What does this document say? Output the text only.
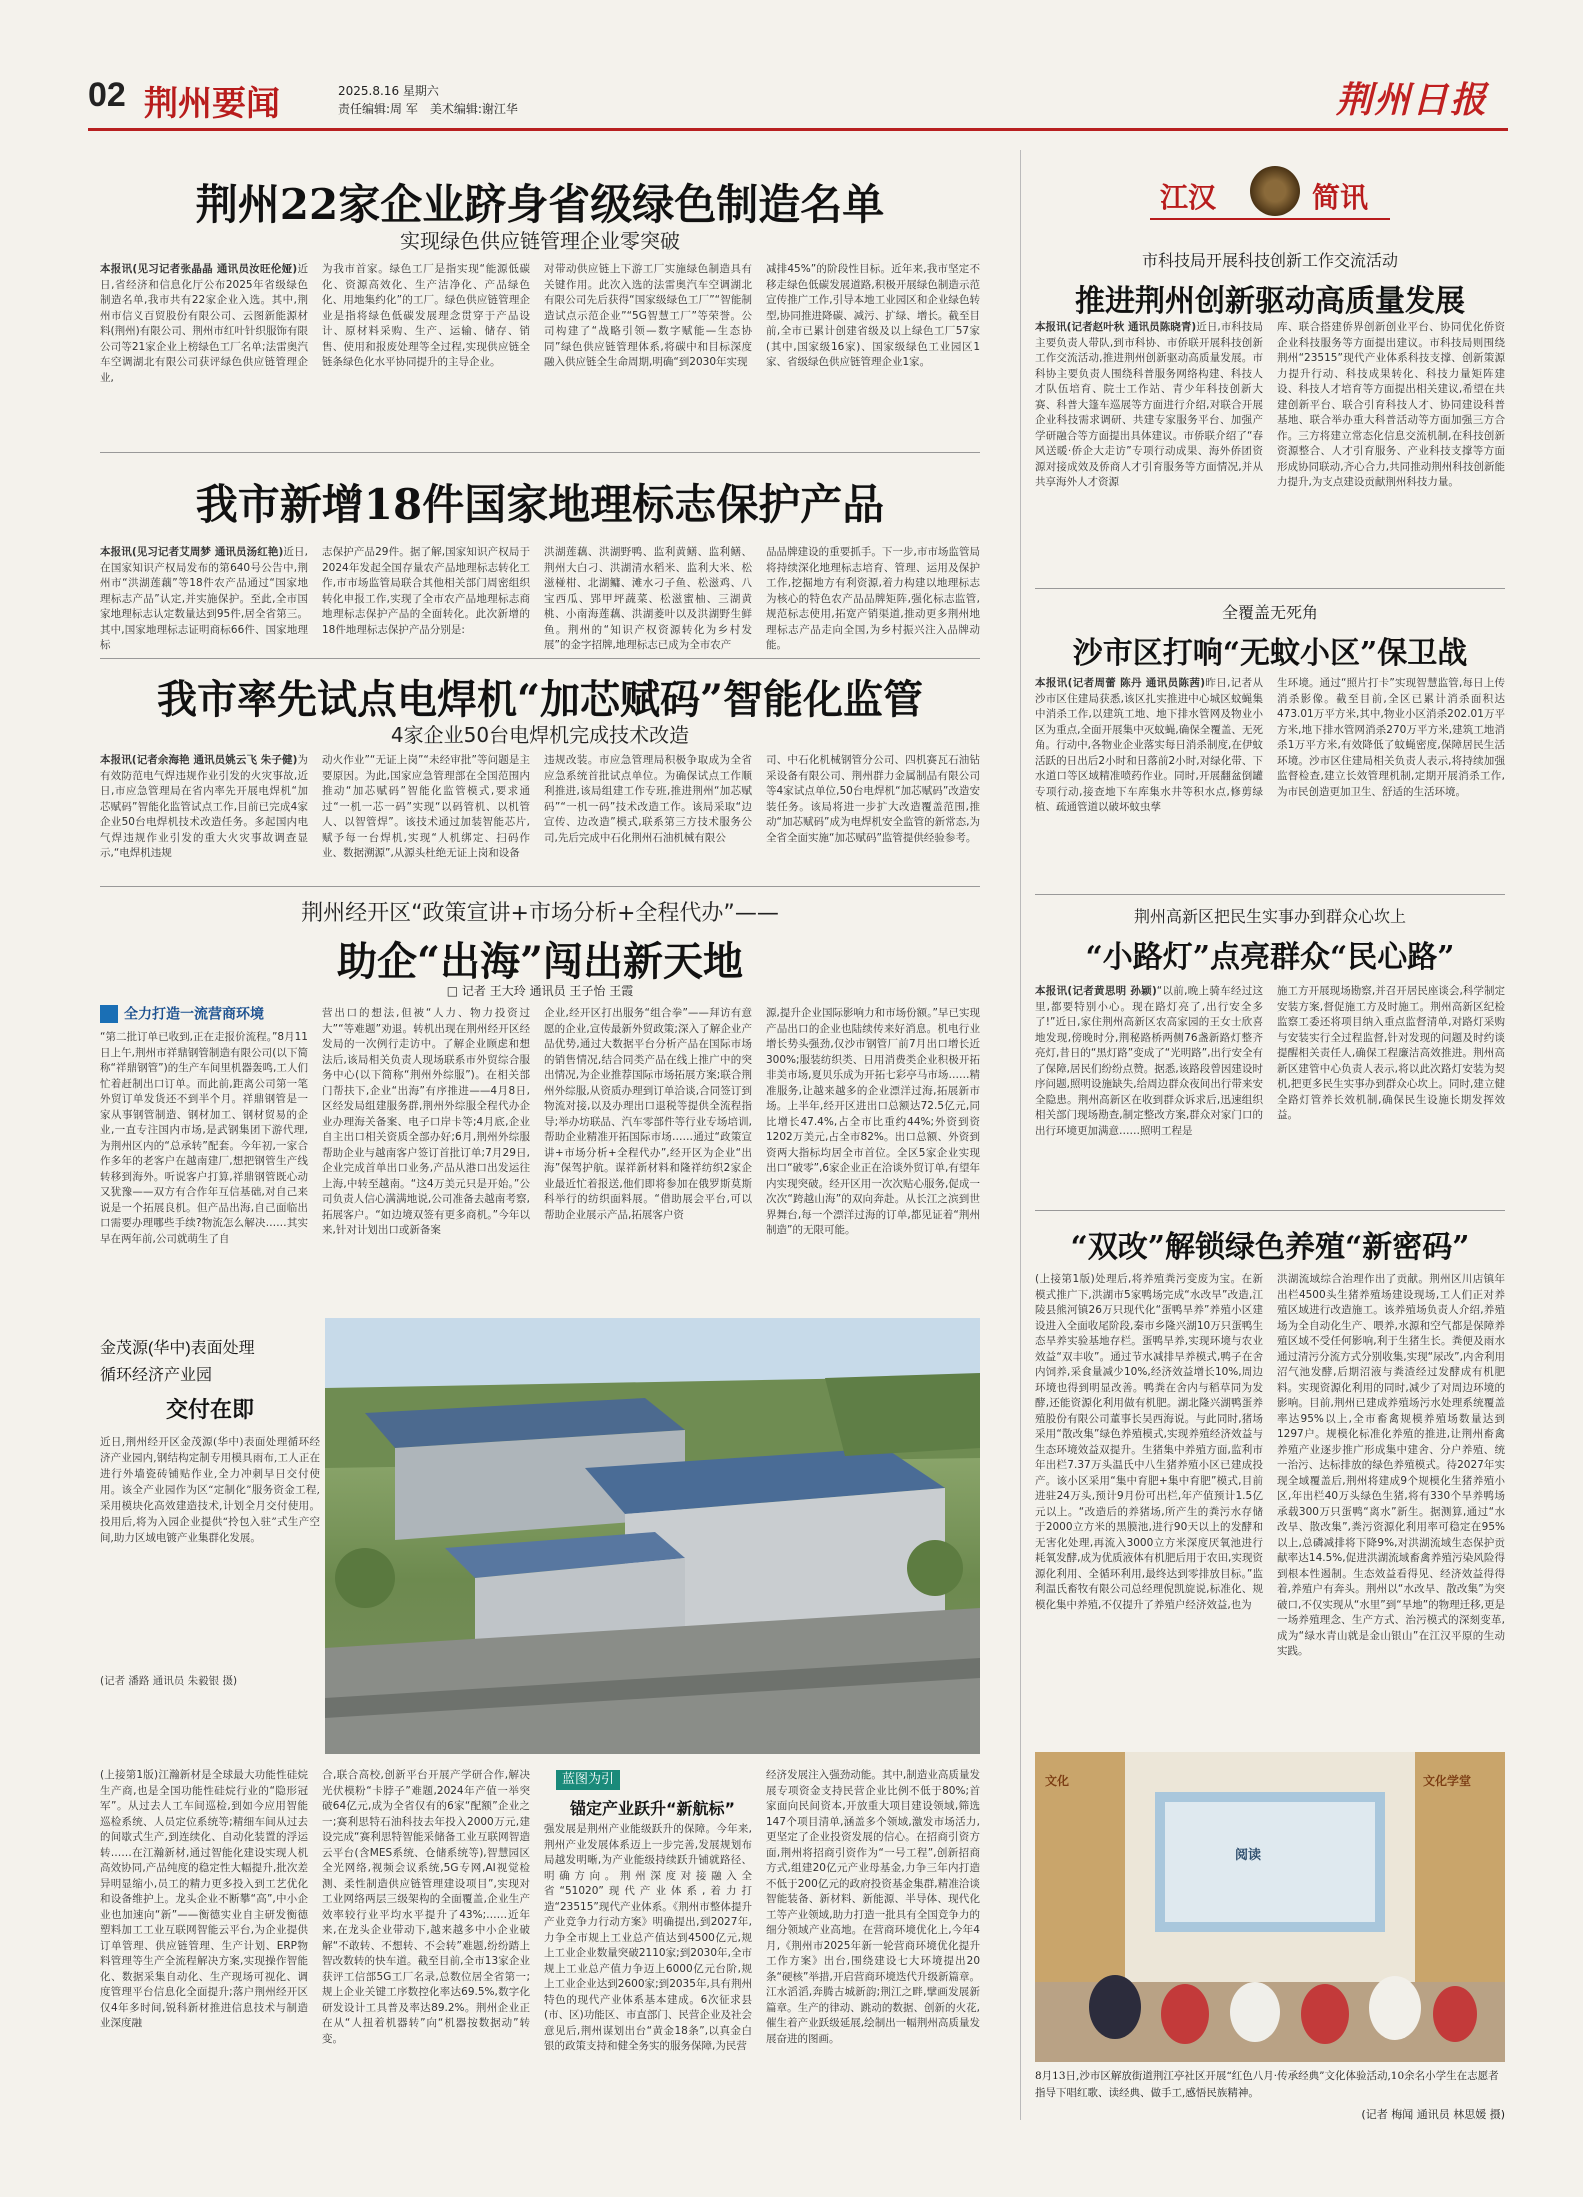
02 荆州要闻	2025.8.16 星期六
责任编辑:周 军　美术编辑:谢江华	荆州日报
荆州22家企业跻身省级绿色制造名单
实现绿色供应链管理企业零突破
本报讯(见习记者张晶晶 通讯员汝旺伦娅)近日,省经济和信息化厅公布2025年省级绿色制造名单,我市共有22家企业入选。其中,荆州市信义百贸股份有限公司、云图新能源材料(荆州)有限公司、荆州市红叶针织服饰有限公司等21家企业上榜绿色工厂名单;法雷奥汽车空调湖北有限公司获评绿色供应链管理企业,
为我市首家。绿色工厂是指实现“能源低碳化、资源高效化、生产洁净化、产品绿色化、用地集约化”的工厂。绿色供应链管理企业是指将绿色低碳发展理念贯穿于产品设计、原材料采购、生产、运输、储存、销售、使用和报废处理等全过程,实现供应链全链条绿色化水平协同提升的主导企业。
对带动供应链上下游工厂实施绿色制造具有关键作用。此次入选的法雷奥汽车空调湖北有限公司先后获得“国家级绿色工厂”“智能制造试点示范企业”“5G智慧工厂”等荣誉。公司构建了“战略引领—数字赋能—生态协同”绿色供应链管理体系,将碳中和目标深度融入供应链全生命周期,明确“到2030年实现
减排45%”的阶段性目标。近年来,我市坚定不移走绿色低碳发展道路,积极开展绿色制造示范宣传推广工作,引导本地工业园区和企业绿色转型,协同推进降碳、减污、扩绿、增长。截至目前,全市已累计创建省级及以上绿色工厂57家(其中,国家级16家)、国家级绿色工业园区1家、省级绿色供应链管理企业1家。
我市新增18件国家地理标志保护产品
本报讯(见习记者艾周梦 通讯员汤红艳)近日,在国家知识产权局发布的第640号公告中,荆州市“洪湖莲藕”等18件农产品通过“国家地理标志产品”认定,并实施保护。至此,全市国家地理标志认定数量达到95件,居全省第三。其中,国家地理标志证明商标66件、国家地理标
志保护产品29件。据了解,国家知识产权局于2024年发起全国存量农产品地理标志转化工作,市市场监管局联合其他相关部门周密组织转化申报工作,实现了全市农产品地理标志商地理标志保护产品的全面转化。此次新增的18件地理标志保护产品分别是:
洪湖莲藕、洪湖野鸭、监利黄鳝、监利鳝、荆州大白刁、洪湖清水稻米、监利大米、松滋椪柑、北湖鳙、滩水刁子鱼、松滋鸡、八宝西瓜、郢甲坪蔬菜、松滋蜜柚、三湖黄桃、小南海莲藕、洪湖菱叶以及洪湖野生鲜鱼。荆州的“知识产权资源转化为乡村发展”的金字招牌,地理标志已成为全市农产
品品牌建设的重要抓手。下一步,市市场监管局将持续深化地理标志培育、管理、运用及保护工作,挖掘地方有利资源,着力构建以地理标志为核心的特色农产品品牌矩阵,强化标志监管,规范标志使用,拓宽产销渠道,推动更多荆州地理标志产品走向全国,为乡村振兴注入品牌动能。
我市率先试点电焊机“加芯赋码”智能化监管
4家企业50台电焊机完成技术改造
本报讯(记者余海艳 通讯员姚云飞 朱子健)为有效防范电气焊违规作业引发的火灾事故,近日,市应急管理局在省内率先开展电焊机“加芯赋码”智能化监管试点工作,目前已完成4家企业50台电焊机技术改造任务。多起国内电气焊违规作业引发的重大火灾事故调查显示,“电焊机违规
动火作业”“无证上岗”“未经审批”等问题是主要原因。为此,国家应急管理部在全国范围内推动“加芯赋码”智能化监管模式,要求通过“一机一芯一码”实现“以码管机、以机管人、以智管焊”。该技术通过加装智能芯片,赋予每一台焊机,实现“人机绑定、扫码作业、数据溯源”,从源头杜绝无证上岗和设备
违规改装。市应急管理局积极争取成为全省应急系统首批试点单位。为确保试点工作顺利推进,该局组建工作专班,推进荆州“加芯赋码”“一机一码”技术改造工作。该局采取“边宣传、边改造”模式,联系第三方技术服务公司,先后完成中石化荆州石油机械有限公
司、中石化机械钢管分公司、四机赛瓦石油钻采设备有限公司、荆州群力金属制品有限公司等4家试点单位,50台电焊机“加芯赋码”改造安装任务。该局将进一步扩大改造覆盖范围,推动“加芯赋码”成为电焊机安全监管的新常态,为全省全面实施“加芯赋码”监管提供经验参考。
荆州经开区“政策宣讲+市场分析+全程代办”——
助企“出海”闯出新天地
□ 记者 王大玲 通讯员 王子怡 王霞
全力打造一流营商环境
“第二批订单已收到,正在走报价流程。”8月11日上午,荆州市祥鼎钢管制造有限公司(以下简称“祥鼎钢管”)的生产车间里机器轰鸣,工人们忙着赶制出口订单。而此前,距离公司第一笔外贸订单发货还不到半个月。祥鼎钢管是一家从事钢管制造、钢材加工、钢材贸易的企业,一直专注国内市场,是武钢集团下游代理,为荆州区内的“总承转”配套。今年初,一家合作多年的老客户在越南建厂,想把钢管生产线转移到海外。听说客户打算,祥鼎钢管既心动又犹豫——双方有合作年互信基础,对自己来说是一个拓展良机。但产品出海,自己面临出口需要办理哪些手续?物流怎么解决……其实早在两年前,公司就萌生了自
营出口的想法,但被“人力、物力投资过大”“等难题”劝退。转机出现在荆州经开区经发局的一次例行走访中。了解企业顾虑和想法后,该局相关负责人现场联系市外贸综合服务中心(以下简称“荆州外综服”)。在相关部门帮扶下,企业“出海”有序推进——4月8日,区经发局组建服务群,荆州外综服全程代办企业办理海关备案、电子口岸卡等;4月底,企业自主出口相关资质全部办好;6月,荆州外综服帮助企业与越南客户签订首批订单;7月29日,企业完成首单出口业务,产品从港口出发运往上海,中转至越南。“这4万美元只是开始。”公司负责人信心满满地说,公司准备去越南考察,拓展客户。“如边境双签有更多商机。”今年以来,针对计划出口或新备案
企业,经开区打出服务“组合拳”——拜访有意愿的企业,宣传最新外贸政策;深入了解企业产品优势,通过大数据平台分析产品在国际市场的销售情况,结合同类产品在线上推广中的突出情况,为企业推荐国际市场拓展方案;联合荆州外综服,从资质办理到订单洽谈,合同签订到物流对接,以及办理出口退税等提供全流程指导;举办坊联品、汽车零部件等行业专场培训,帮助企业精准开拓国际市场……通过“政策宣讲+市场分析+全程代办”,经开区为企业“出海”保驾护航。谋祥新材料和隆祥纺织2家企业最近忙着报送,他们即将参加在俄罗斯莫斯科举行的纺织面料展。“借助展会平台,可以帮助企业展示产品,拓展客户资
源,提升企业国际影响力和市场份额。”早已实现产品出口的企业也陆续传来好消息。机电行业增长势头强劲,仅沙市钢管厂前7月出口增长近300%;服装纺织类、日用消费类企业积极开拓非美市场,夏贝乐成为开拓七彩亭马市场……精准服务,让越来越多的企业漂洋过海,拓展新市场。上半年,经开区进出口总额达72.5亿元,同比增长47.4%,占全市比重约44%;外资到资1202万美元,占全市82%。出口总额、外资到资两大指标均居全市首位。全区5家企业实现出口“破零”,6家企业正在洽谈外贸订单,有望年内实现突破。经开区用一次次贴心服务,促成一次次“跨越山海”的双向奔赴。从长江之滨到世界舞台,每一个漂洋过海的订单,都见证着“荆州制造”的无限可能。
金茂源(华中)表面处理
循环经济产业园
交付在即
近日,荆州经开区金茂源(华中)表面处理循环经济产业园内,钢结构定制专用模具雨布,工人正在进行外墙瓷砖铺贴作业,全力冲刺早日交付使用。该全产业园作为区“定制化”服务资金工程,采用模块化高效建造技术,计划全月交付使用。投用后,将为入园企业提供“拎包入驻”式生产空间,助力区域电镀产业集群化发展。
(记者 潘路 通讯员 朱毅银 摄)
(上接第1版)江瀚新材是全球最大功能性硅烷生产商,也是全国功能性硅烷行业的“隐形冠军”。从过去人工车间巡检,到如今应用智能巡检系统、人员定位系统等;精细车间从过去的间歇式生产,到连续化、自动化装置的浮运转……在江瀚新材,通过智能化建设实现人机高效协同,产品纯度的稳定性大幅提升,批次差异明显缩小,员工的精力更多投入到工艺优化和设备维护上。龙头企业不断攀“高”,中小企业也加速向“新”——衡德实业自主研发衡德塑料加工工业互联网智能云平台,为企业提供订单管理、供应链管理、生产计划、ERP物料管理等生产全流程解决方案,实现操作智能化、数据采集自动化、生产现场可视化、调度管理平台信息化全面提升;落户荆州经开区仅4年多时间,锐科新材推进信息技术与制造业深度融
合,联合高校,创新平台开展产学研合作,解决光伏模粉“卡脖子”难题,2024年产值一举突破64亿元,成为全省仅有的6家“配额”企业之一;赛利思特石油科技去年投入2000万元,建设完成“赛利思特智能采储备工业互联网智造云平台(含MES系统、仓储系统等),智慧园区全光网络,视频会议系统,5G专网,AI视觉检测、柔性制造供应链管理建设项目”,实现对工业网络两层三级架构的全面覆盖,企业生产效率较行业平均水平提升了43%;……近年来,在龙头企业带动下,越来越多中小企业破解“不敢转、不想转、不会转”难题,纷纷踏上智改数转的快车道。截至目前,全市13家企业获评工信部5G工厂名录,总数位居全省第一;规上企业关键工序数控化率达69.5%,数字化研发设计工具普及率达89.2%。荆州企业正在从“人扭着机器转”向“机器按数据动”转变。
蓝图为引
锚定产业跃升“新航标”
强发展是荆州产业能级跃升的保障。今年来,荆州产业发展体系迈上一步完善,发展规划布局越发明晰,为产业能级持续跃升铺就路径、明确方向。荆州深度对接融入全省“51020”现代产业体系,着力打造“23515”现代产业体系。《荆州市整体提升产业竞争力行动方案》明确提出,到2027年,力争全市规上工业总产值达到4500亿元,规上工业企业数量突破2110家;到2030年,全市规上工业总产值力争迈上6000亿元台阶,规上工业企业达到2600家;到2035年,具有荆州特色的现代产业体系基本建成。6次征求县(市、区)功能区、市直部门、民营企业及社会意见后,荆州谋划出台“黄金18条”,以真金白银的政策支持和健全务实的服务保障,为民营
经济发展注入强劲动能。其中,制造业高质量发展专项资金支持民营企业比例不低于80%;首家面向民间资本,开放重大项目建设领域,筛选147个项目清单,涵盖多个领域,激发市场活力,更坚定了企业投资发展的信心。在招商引资方面,荆州将招商引资作为“一号工程”,创新招商方式,组建20亿元产业母基金,力争三年内打造不低于200亿元的政府投资基金集群,精准洽谈智能装备、新材料、新能源、半导体、现代化工等产业领域,助力打造一批具有全国竞争力的细分领域产业高地。在营商环境优化上,今年4月,《荆州市2025年新一轮营商环境优化提升工作方案》出台,围绕建设七大环境提出20条“硬核”举措,开启营商环境迭代升级新篇章。江水滔滔,奔腾古城新韵;荆江之畔,擘画发展新篇章。生产的律动、跳动的数据、创新的火花,催生着产业跃级延展,绘制出一幅荆州高质量发展奋进的图画。
江汉	简讯
市科技局开展科技创新工作交流活动
推进荆州创新驱动高质量发展
本报讯(记者赵叶秋 通讯员陈晓青)近日,市科技局主要负责人带队,到市科协、市侨联开展科技创新工作交流活动,推进荆州创新驱动高质量发展。市科协主要负责人围绕科普服务网络构建、科技人才队伍培育、院士工作站、青少年科技创新大赛、科普大篷车巡展等方面进行介绍,对联合开展企业科技需求调研、共建专家服务平台、加强产学研融合等方面提出具体建议。市侨联介绍了“春风送暖·侨企大走访”专项行动成果、海外侨团资源对接成效及侨商人才引育服务等方面情况,并从共享海外人才资源
库、联合搭建侨界创新创业平台、协同优化侨资企业科技服务等方面提出建议。市科技局则围绕荆州“23515”现代产业体系科技支撑、创新策源力提升行动、科技成果转化、科技力量矩阵建设、科技人才培育等方面提出相关建议,希望在共建创新平台、联合引育科技人才、协同建设科普基地、联合举办重大科普活动等方面加强三方合作。三方将建立常态化信息交流机制,在科技创新资源整合、人才引育服务、产业科技支撑等方面形成协同联动,齐心合力,共同推动荆州科技创新能力提升,为支点建设贡献荆州科技力量。
全覆盖无死角
沙市区打响“无蚊小区”保卫战
本报讯(记者周蕾 陈丹 通讯员陈茜)昨日,记者从沙市区住建局获悉,该区扎实推进中心城区蚊蝇集中消杀工作,以建筑工地、地下排水管网及物业小区为重点,全面开展集中灭蚊蝇,确保全覆盖、无死角。行动中,各物业企业落实每日消杀制度,在伊蚊活跃的日出后2小时和日落前2小时,对绿化带、下水道口等区域精准喷药作业。同时,开展翻盆倒罐专项行动,接查地下车库集水井等积水点,修剪绿植、疏通管道以破坏蚊虫孳
生环境。通过“照片打卡”实现智慧监管,每日上传消杀影像。截至目前,全区已累计消杀面积达473.01万平方米,其中,物业小区消杀202.01万平方米,地下排水管网消杀270万平方米,建筑工地消杀1万平方米,有效降低了蚊蝇密度,保障居民生活环境。沙市区住建局相关负责人表示,将持续加强监督检查,建立长效管理机制,定期开展消杀工作,为市民创造更加卫生、舒适的生活环境。
荆州高新区把民生实事办到群众心坎上
“小路灯”点亮群众“民心路”
本报讯(记者黄思明 孙颖)“以前,晚上骑车经过这里,都要特别小心。现在路灯亮了,出行安全多了!”近日,家住荆州高新区农高家园的王女士欣喜地发现,傍晚时分,荆秘路桥两侧76盏新路灯整齐亮灯,昔日的“黑灯路”变成了“光明路”,出行安全有了保障,居民们纷纷点赞。据悉,该路段曾因建设时序问题,照明设施缺失,给周边群众夜间出行带来安全隐患。荆州高新区在收到群众诉求后,迅速组织相关部门现场勘查,制定整改方案,群众对家门口的出行环境更加满意……照明工程是
施工方开展现场勘察,并召开居民座谈会,科学制定安装方案,督促施工方及时施工。荆州高新区纪检监察工委还将项目纳入重点监督清单,对路灯采购与安装实行全过程监督,针对发现的问题及时约谈提醒相关责任人,确保工程廉洁高效推进。荆州高新区建管中心负责人表示,将以此次路灯安装为契机,把更多民生实事办到群众心坎上。同时,建立健全路灯管养长效机制,确保民生设施长期发挥效益。
“双改”解锁绿色养殖“新密码”
(上接第1版)处理后,将养殖粪污变废为宝。在新模式推广下,洪湖市5家鸭场完成“水改旱”改造,江陵县熊河镇26万只现代化“蛋鸭旱养”养殖小区建设进入全面收尾阶段,秦市乡隆兴湖10万只蛋鸭生态旱养实验基地存栏。蛋鸭旱养,实现环境与农业效益“双丰收”。通过节水减排旱养模式,鸭子在舍内饲养,采食量减少10%,经济效益增长10%,周边环境也得到明显改善。鸭粪在舍内与稻草同为发酵,还能资源化利用做有机肥。湖北隆兴湖鸭蛋养殖股份有限公司董事长吴西海说。与此同时,猪场采用“散改集”绿色养殖模式,实现养殖经济效益与生态环境效益双提升。生猪集中养殖方面,监利市年出栏7.37万头温氏中八生猪养殖小区已建成投产。该小区采用“集中育肥+集中育肥”模式,目前进驻24万头,预计9月份可出栏,年产值预计1.5亿元以上。“改造后的养猪场,所产生的粪污水存储于2000立方米的黑膜池,进行90天以上的发酵和无害化处理,再流入3000立方米深度厌氧池进行耗氧发酵,成为优质液体有机肥后用于农田,实现资源化利用、全循环利用,最终达到零排放目标。”监利温氏畜牧有限公司总经理倪凯旋说,标准化、规模化集中养殖,不仅提升了养殖户经济效益,也为
洪湖流域综合治理作出了贡献。荆州区川店镇年出栏4500头生猪养殖场建设现场,工人们正对养殖区域进行改造施工。该养殖场负责人介绍,养殖场为全自动化生产、喂养,水源和空气都是保障养殖区域不受任何影响,利于生猪生长。粪便及雨水通过清污分流方式分别收集,实现“尿改”,内舍利用沼气池发酵,后期沼液与粪渣经过发酵成有机肥料。实现资源化利用的同时,减少了对周边环境的影响。目前,荆州已建成养殖场污水处理系统覆盖率达95%以上,全市畜禽规模养殖场数量达到1297户。规模化标准化养殖的推进,让荆州畜禽养殖产业逐步推广形成集中建舍、分户养殖、统一治污、达标排放的绿色养殖模式。待2027年实现全域覆盖后,荆州将建成9个规模化生猪养殖小区,年出栏40万头绿色生猪,将有330个旱养鸭场承载300万只蛋鸭“离水”新生。据测算,通过“水改旱、散改集”,粪污资源化利用率可稳定在95%以上,总磷减排将下降9%,对洪湖流域生态保护贡献率达14.5%,促进洪湖流域畜禽养殖污染风险得到根本性遏制。生态效益看得见、经济效益得得着,养殖户有奔头。荆州以“水改旱、散改集”为突破口,不仅实现从“水里”到“旱地”的物理迁移,更是一场养殖理念、生产方式、治污模式的深刻变革,成为“绿水青山就是金山银山”在江汉平原的生动实践。
文化	文化学堂
阅读
8月13日,沙市区解放街道荆江亭社区开展“红色八月·传承经典”文化体验活动,10余名小学生在志愿者指导下唱红歌、读经典、做手工,感悟民族精神。
(记者 梅闻 通讯员 林思媛 摄)
